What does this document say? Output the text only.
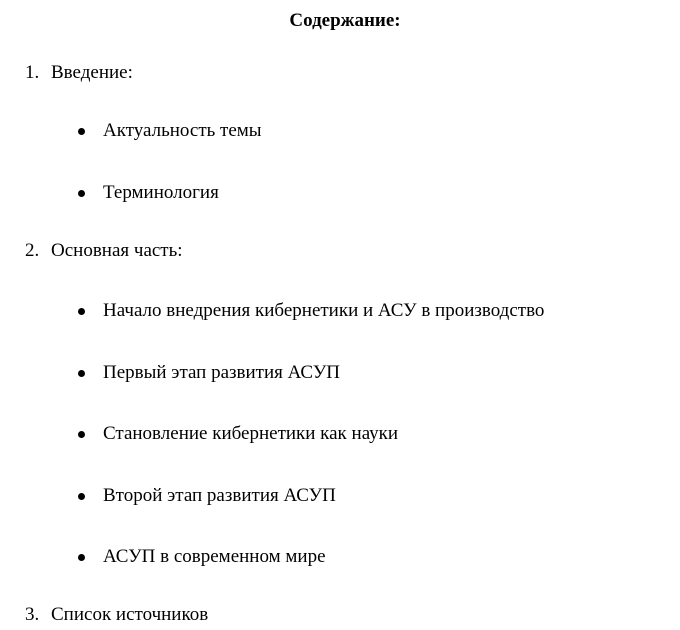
Содержание:
1. Введение:
Актуальность темы
Терминология
2. Основная часть:
Начало внедрения кибернетики и АСУ в производство
Первый этап развития АСУП
Становление кибернетики как науки
Второй этап развития АСУП
АСУП в современном мире
3. Список источников
